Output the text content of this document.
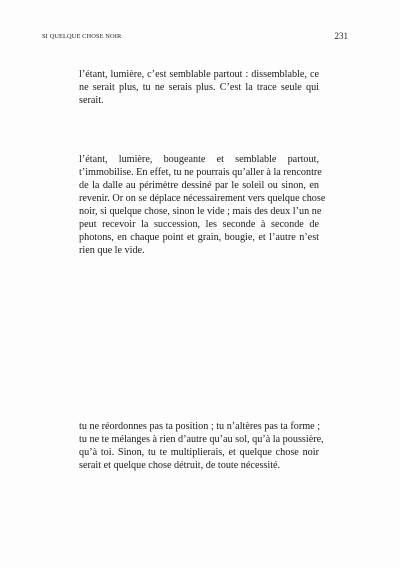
SI QUELQUE CHOSE NOIR	231

l’étant, lumière, c’est semblable partout : dissemblable, ce
ne serait plus, tu ne serais plus. C’est la trace seule qui
serait.

l’étant, lumière, bougeante et semblable partout,
t’immobilise. En effet, tu ne pourrais qu’aller à la rencontre
de la dalle au périmètre dessiné par le soleil ou sinon, en
revenir. Or on se déplace nécessairement vers quelque chose
noir, si quelque chose, sinon le vide ; mais des deux l’un ne
peut recevoir la succession, les seconde à seconde de
photons, en chaque point et grain, bougie, et l’autre n’est
rien que le vide.

tu ne réordonnes pas ta position ; tu n’altères pas ta forme ;
tu ne te mélanges à rien d’autre qu’au sol, qu’à la poussière,
qu’à toi. Sinon, tu te multiplierais, et quelque chose noir
serait et quelque chose détruit, de toute nécessité.
